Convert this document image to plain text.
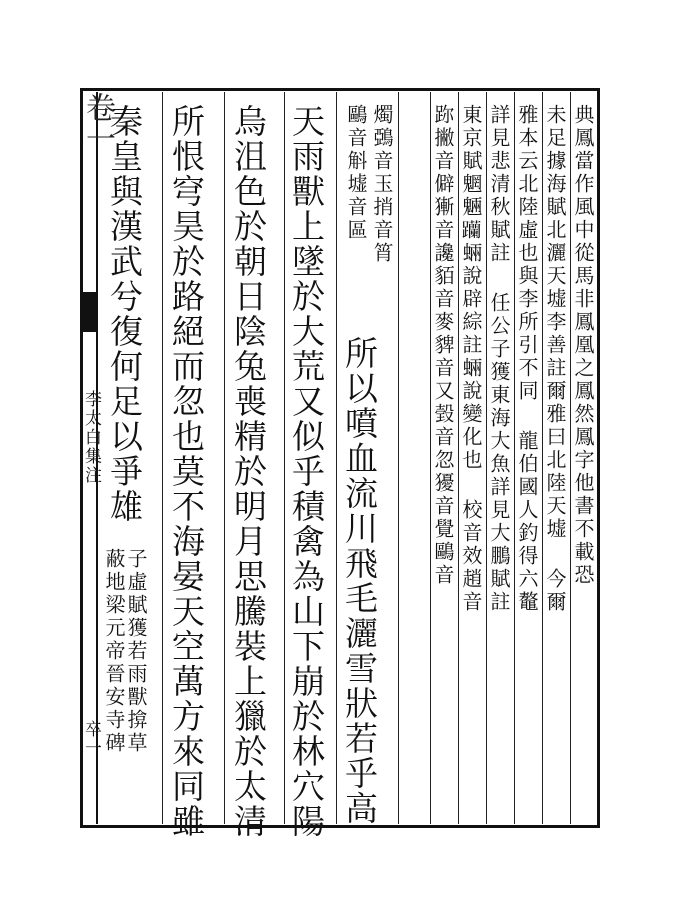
卷一
李太白集注
卒一
典鳳當作風中從馬非鳳凰之鳳然鳳字他書不載恐
未足據海賦北灑天墟李善註爾雅曰北陸天墟 今爾
雅本云北陸虛也與李所引不同 龍伯國人釣得六鼇
詳見悲清秋賦註 任公子獲東海大魚詳見大鵬賦註
東京賦魍魎𨈆蜽說辟綜註蜽說變化也 校音效趙音
䟢撇音僻獑音讒貊音麥貏音又㲄音忽獶音覺鷗音
燭鵶音玉捎音筲
鷗音斛墟音區
所以噴血流川飛毛灑雪狀若乎高
天雨獸上墜於大荒又似乎積禽為山下崩於林穴陽
烏沮色於朝日陰兔喪精於明月思騰裝上獵於太清
所恨穹昊於路絕而忽也莫不海晏天空萬方來同雖
秦皇與漢武兮復何足以爭雄
子虛賦獲若雨獸揜草
蔽地梁元帝晉安寺碑
